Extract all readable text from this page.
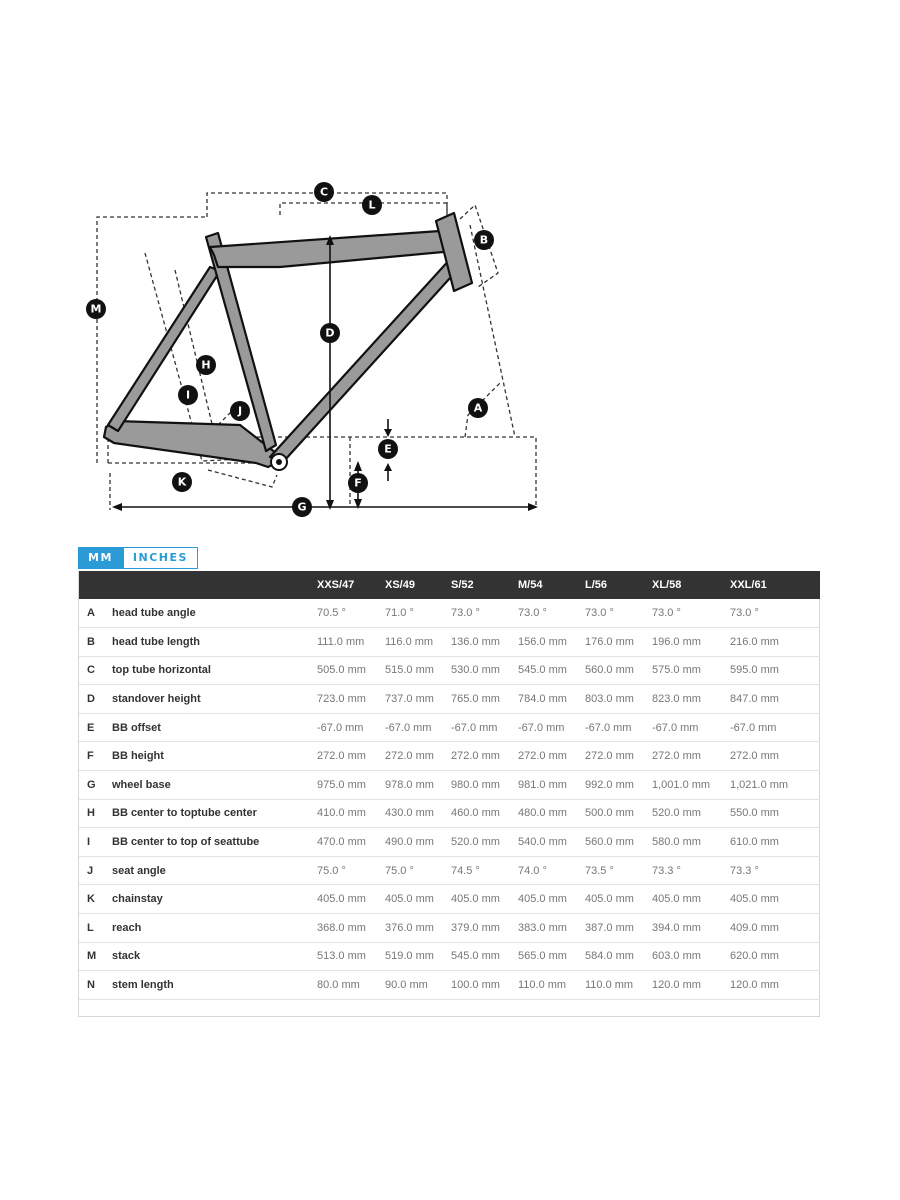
C
L
B
M
D
H
I
J	A
E
F
K
G
MM	INCHES
		XXS/47	XS/49	S/52	M/54	L/56	XL/58	XXL/61
A	head tube angle	70.5 °	71.0 °	73.0 °	73.0 °	73.0 °	73.0 °	73.0 °
B	head tube length	111.0 mm	116.0 mm	136.0 mm	156.0 mm	176.0 mm	196.0 mm	216.0 mm
C	top tube horizontal	505.0 mm	515.0 mm	530.0 mm	545.0 mm	560.0 mm	575.0 mm	595.0 mm
D	standover height	723.0 mm	737.0 mm	765.0 mm	784.0 mm	803.0 mm	823.0 mm	847.0 mm
E	BB offset	-67.0 mm	-67.0 mm	-67.0 mm	-67.0 mm	-67.0 mm	-67.0 mm	-67.0 mm
F	BB height	272.0 mm	272.0 mm	272.0 mm	272.0 mm	272.0 mm	272.0 mm	272.0 mm
G	wheel base	975.0 mm	978.0 mm	980.0 mm	981.0 mm	992.0 mm	1,001.0 mm	1,021.0 mm
H	BB center to toptube center	410.0 mm	430.0 mm	460.0 mm	480.0 mm	500.0 mm	520.0 mm	550.0 mm
I	BB center to top of seattube	470.0 mm	490.0 mm	520.0 mm	540.0 mm	560.0 mm	580.0 mm	610.0 mm
J	seat angle	75.0 °	75.0 °	74.5 °	74.0 °	73.5 °	73.3 °	73.3 °
K	chainstay	405.0 mm	405.0 mm	405.0 mm	405.0 mm	405.0 mm	405.0 mm	405.0 mm
L	reach	368.0 mm	376.0 mm	379.0 mm	383.0 mm	387.0 mm	394.0 mm	409.0 mm
M	stack	513.0 mm	519.0 mm	545.0 mm	565.0 mm	584.0 mm	603.0 mm	620.0 mm
N	stem length	80.0 mm	90.0 mm	100.0 mm	110.0 mm	110.0 mm	120.0 mm	120.0 mm
